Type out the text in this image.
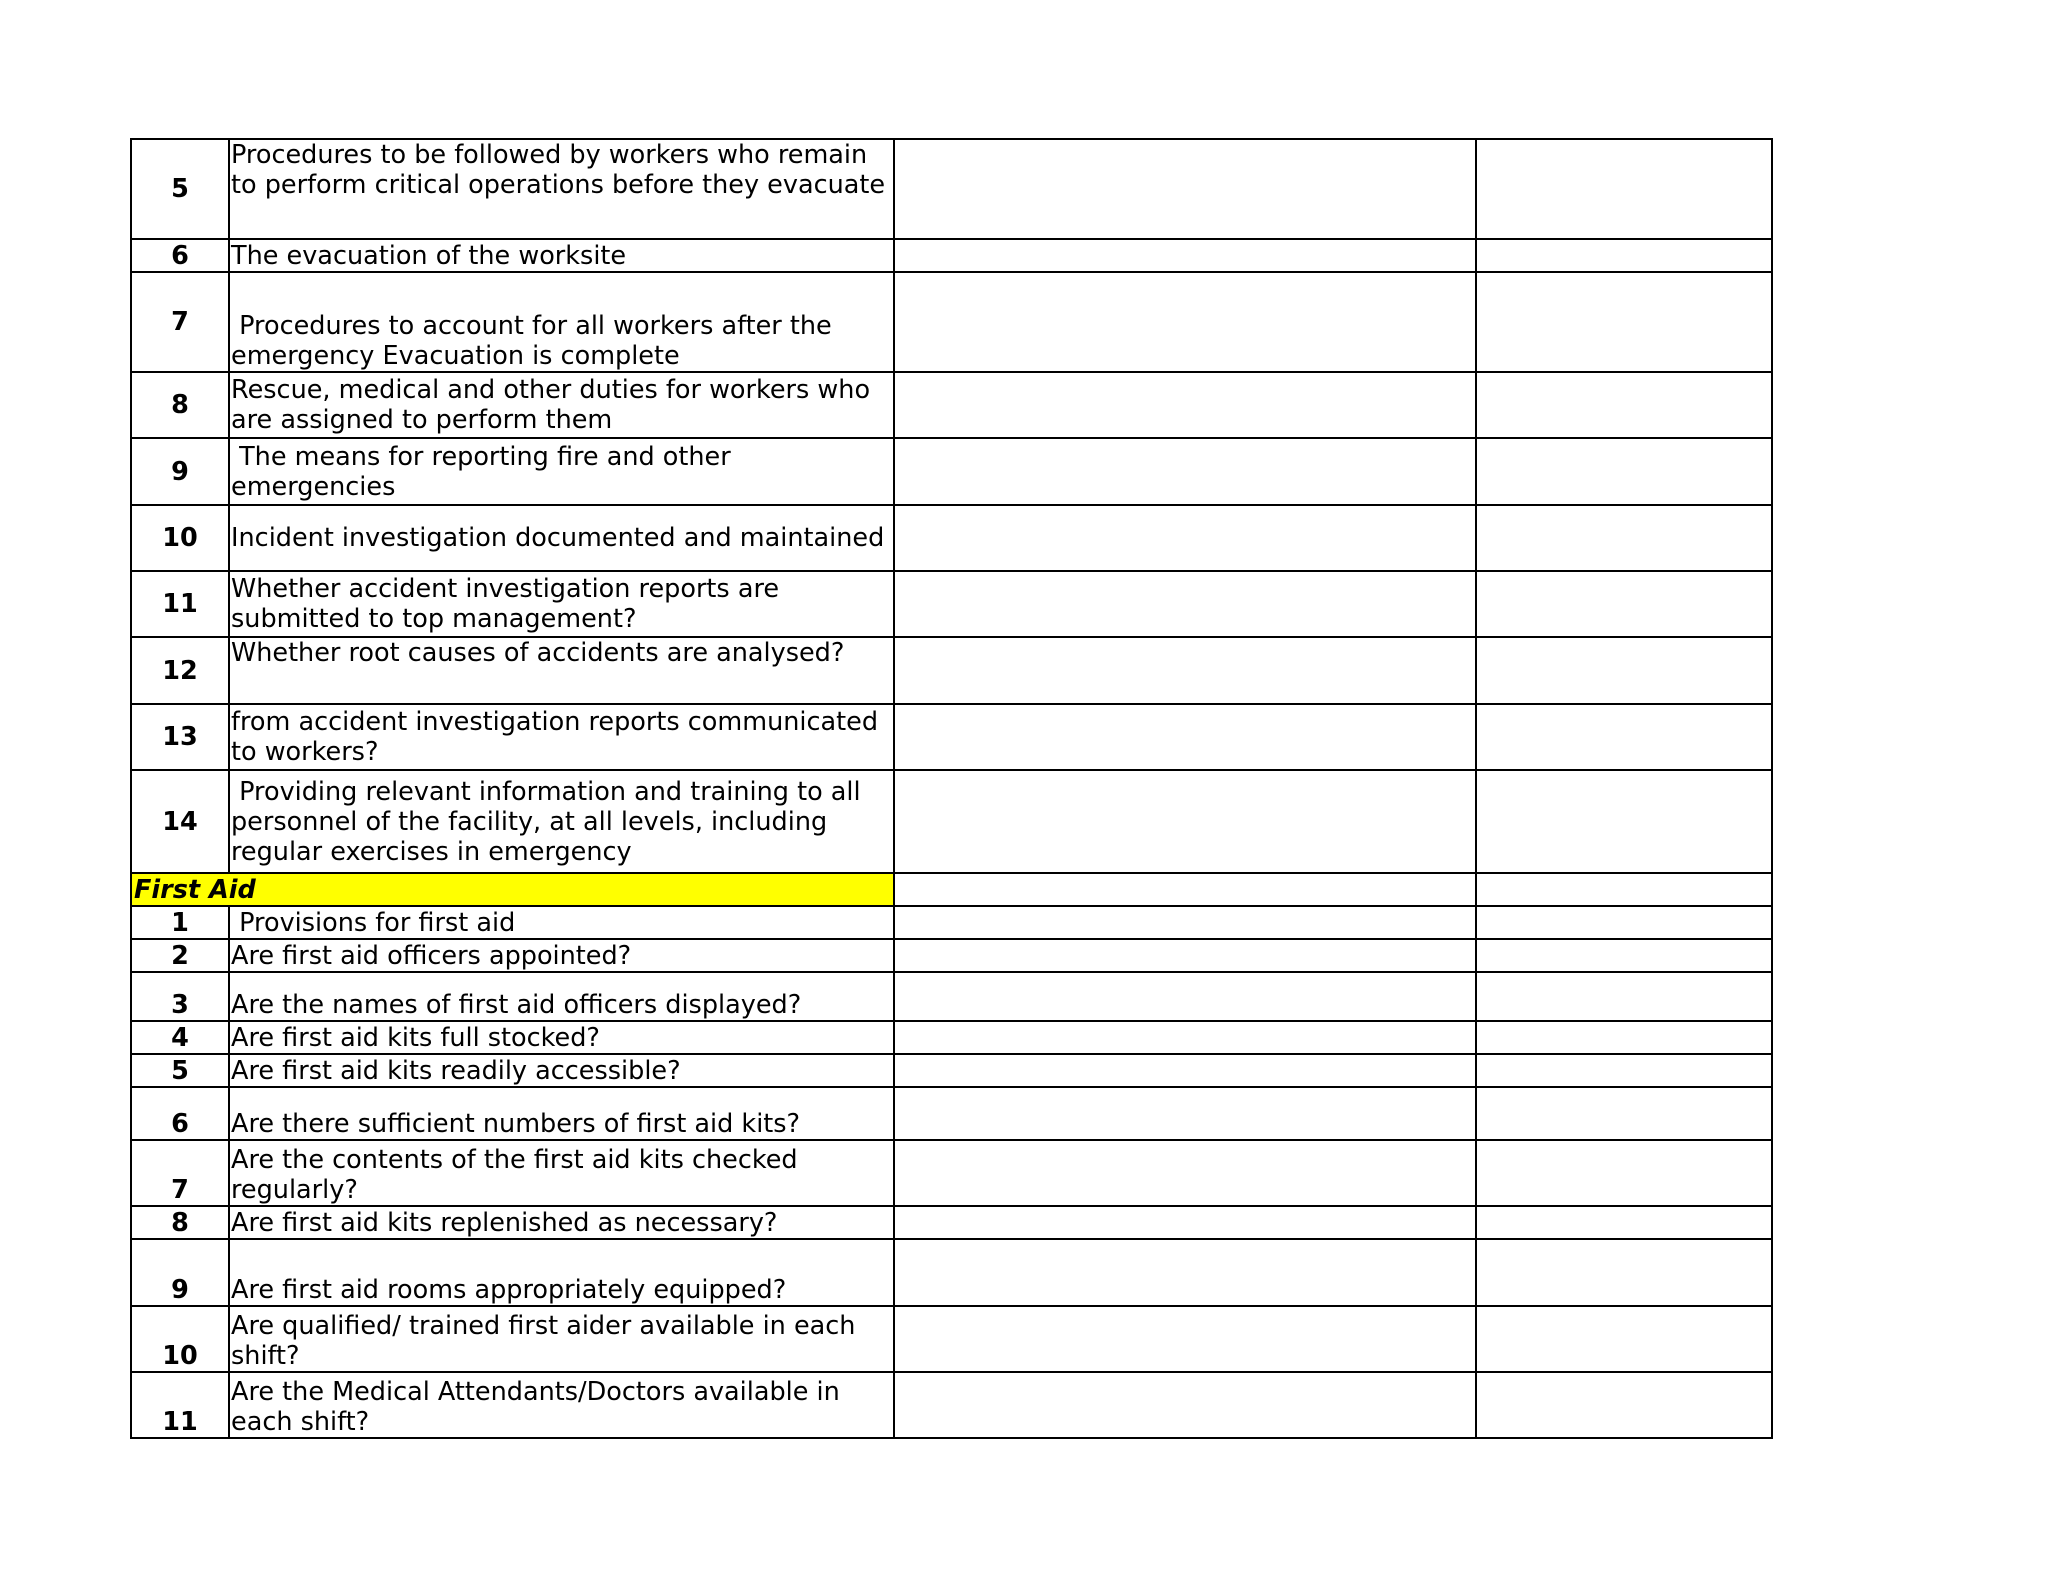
5	Procedures to be followed by workers who remain to perform critical operations before they evacuate		
6	The evacuation of the worksite		
7	Procedures to account for all workers after the emergency Evacuation is complete		
8	Rescue, medical and other duties for workers who are assigned to perform them		
9	The means for reporting fire and other emergencies		
10	Incident investigation documented and maintained		
11	Whether accident investigation reports are submitted to top management?		
12	Whether root causes of accidents are analysed?		
13	from accident investigation reports communicated to workers?		
14	Providing relevant information and training to all personnel of the facility, at all levels, including regular exercises in emergency		
First Aid			
1	Provisions for first aid		
2	Are first aid officers appointed?		
3	Are the names of first aid officers displayed?		
4	Are first aid kits full stocked?		
5	Are first aid kits readily accessible?		
6	Are there sufficient numbers of first aid kits?		
7	Are the contents of the first aid kits checked regularly?		
8	Are first aid kits replenished as necessary?		
9	Are first aid rooms appropriately equipped?		
10	Are qualified/ trained first aider available in each shift?		
11	Are the Medical Attendants/Doctors available in each shift?		
